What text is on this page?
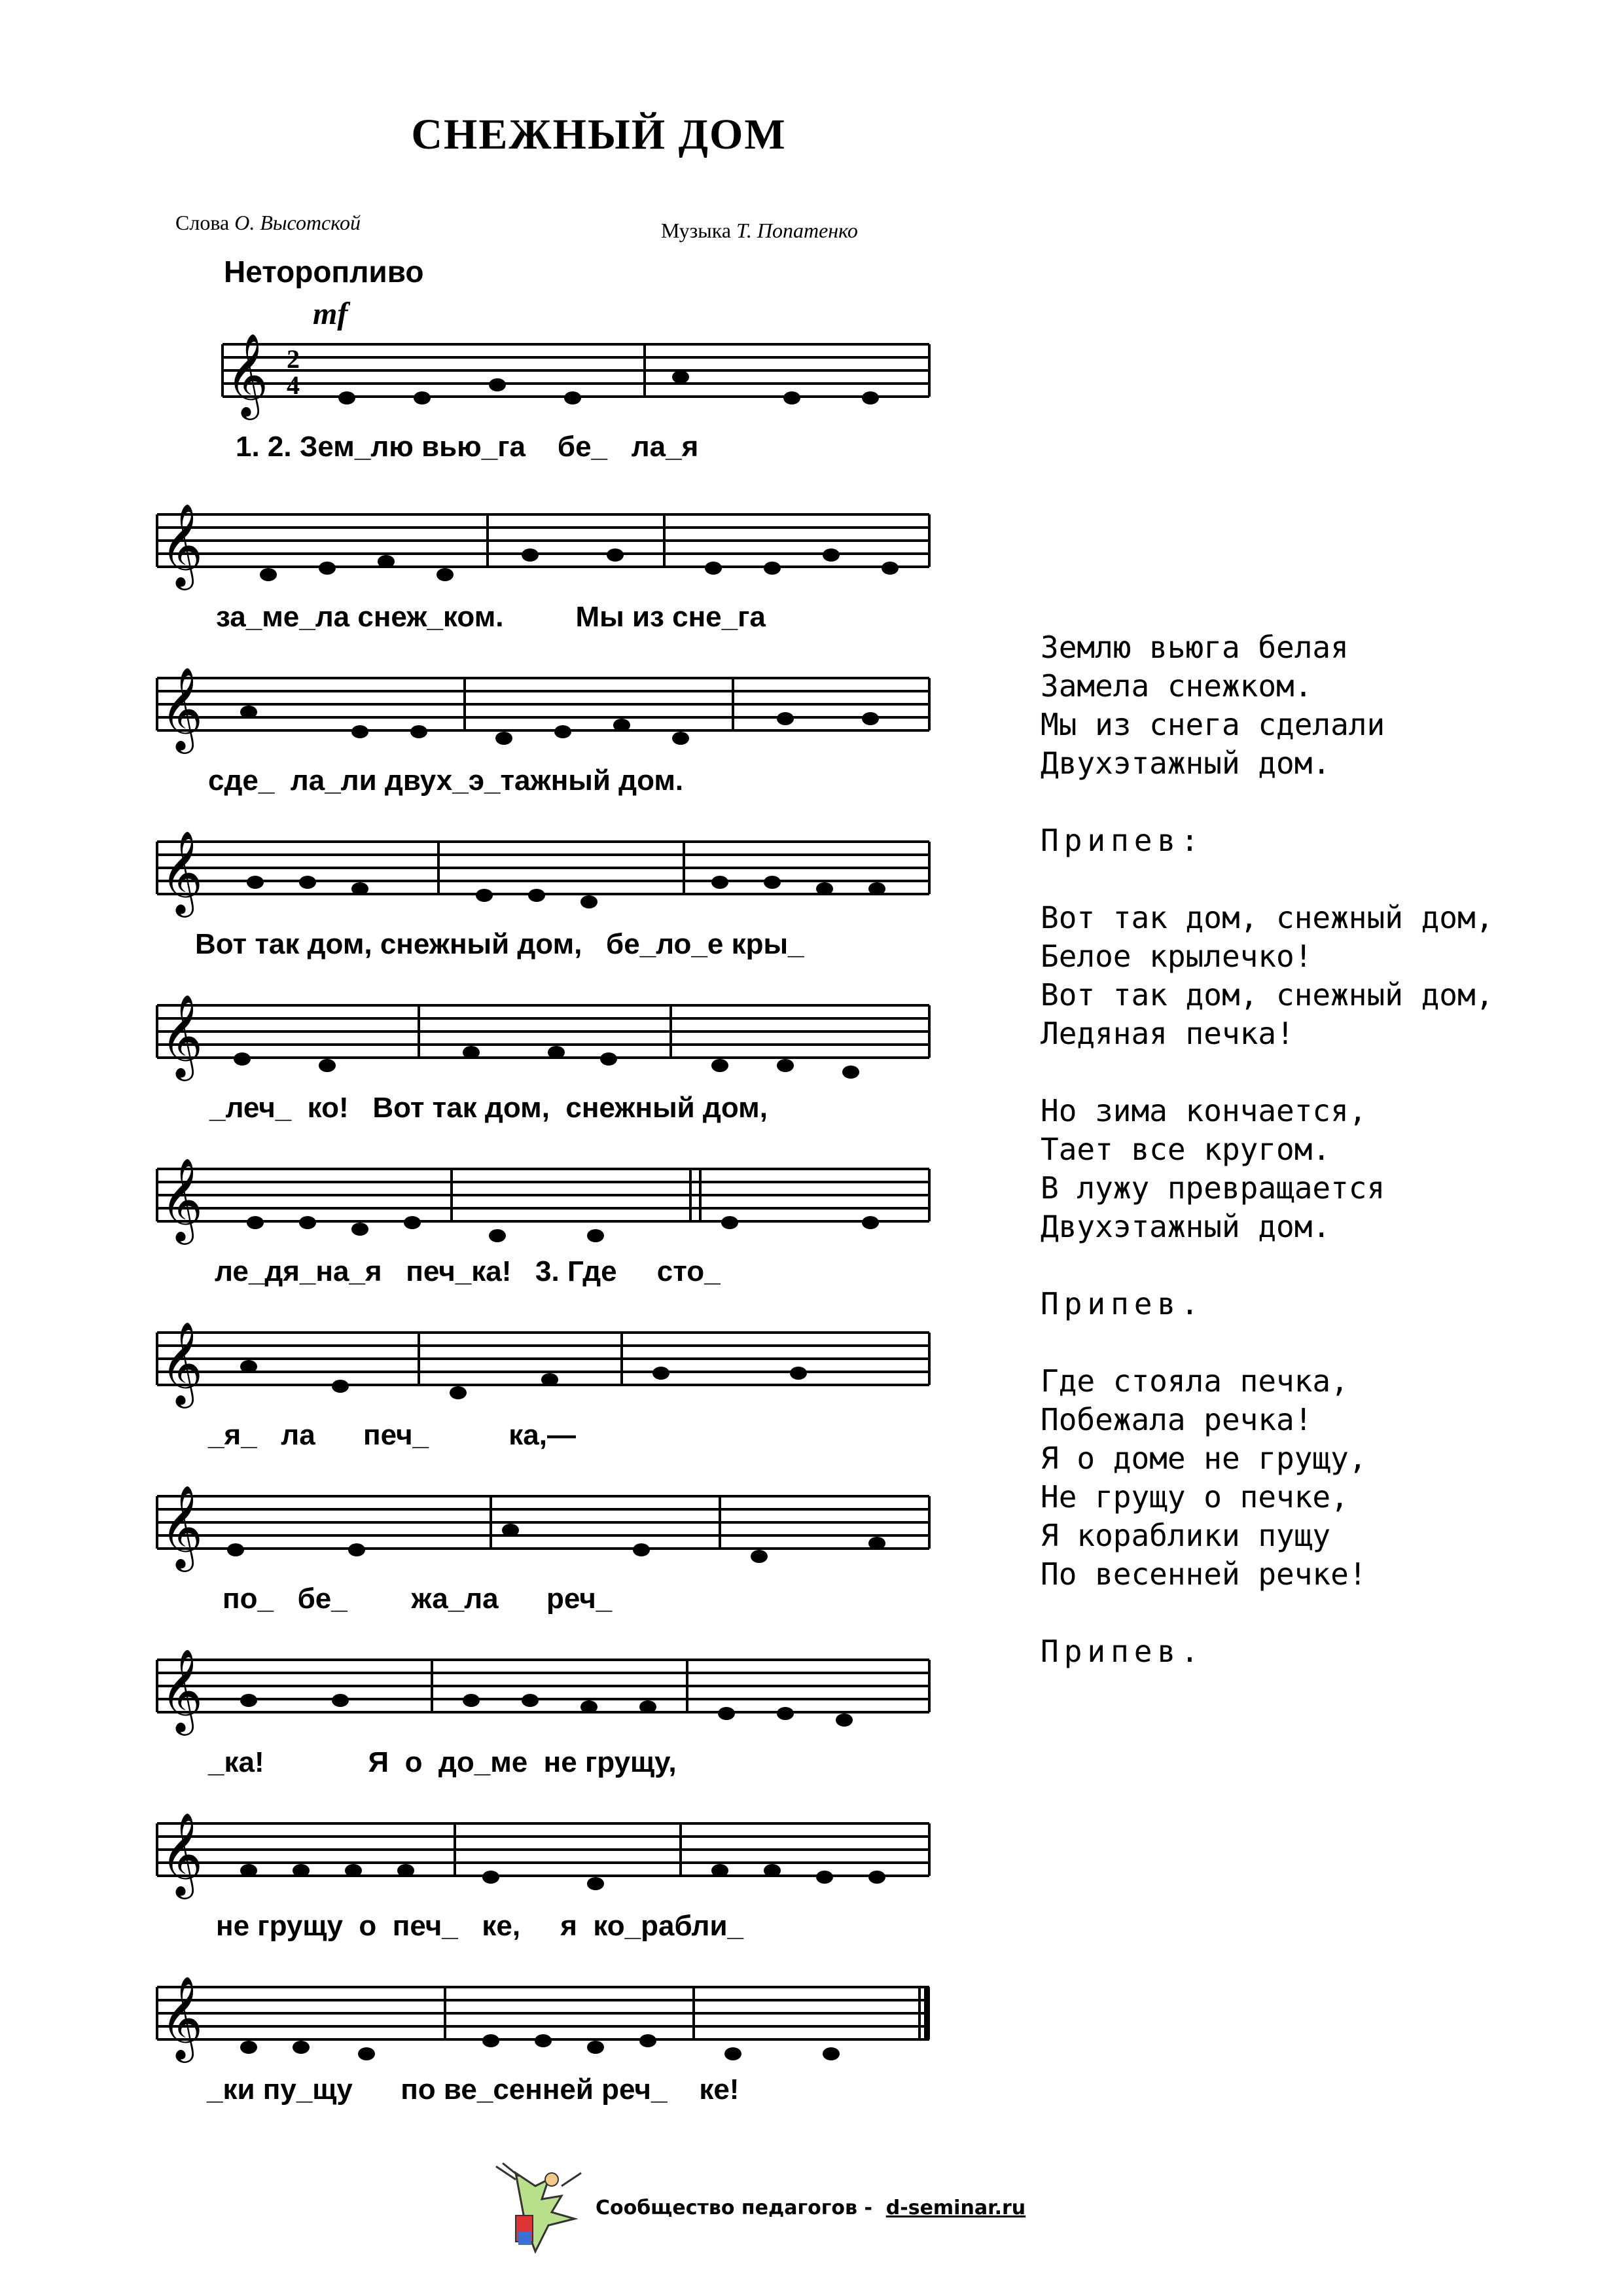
СНЕЖНЫЙ ДОМ
Слова О. Высотской	Музыка Т. Попатенко
Неторопливо
mf
𝄞 2
4
𝄞
𝄞
𝄞
𝄞
𝄞
𝄞
𝄞
𝄞
𝄞
𝄞
1. 2. Зем_лю вью_га    бе_   ла_я
за_ме_ла снеж_ком.         Мы из сне_га
сде_  ла_ли двух_э_тажный дом.
Вот так дом, снежный дом,   бе_ло_е кры_
_леч_  ко!   Вот так дом,  снежный дом,
ле_дя_на_я   печ_ка!   3. Где     сто_
_я_   ла      печ_          ка,—
по_   бе_        жа_ла      реч_
_ка!             Я  о  до_ме  не грущу,
не грущу  о  печ_   ке,     я  ко_рабли_
_ки пу_щу      по ве_сенней реч_    ке!
Землю вьюга белая
Замела снежком.
Мы из снега сделали
Двухэтажный дом.
Припев:
Вот так дом, снежный дом,
Белое крылечко!
Вот так дом, снежный дом,
Ледяная печка!
Но зима кончается,
Тает все кругом.
В лужу превращается
Двухэтажный дом.
Припев.
Где стояла печка,
Побежала речка!
Я о доме не грущу,
Не грущу о печке,
Я кораблики пущу
По весенней речке!
Припев.
Сообщество педагогов - d-seminar.ru
